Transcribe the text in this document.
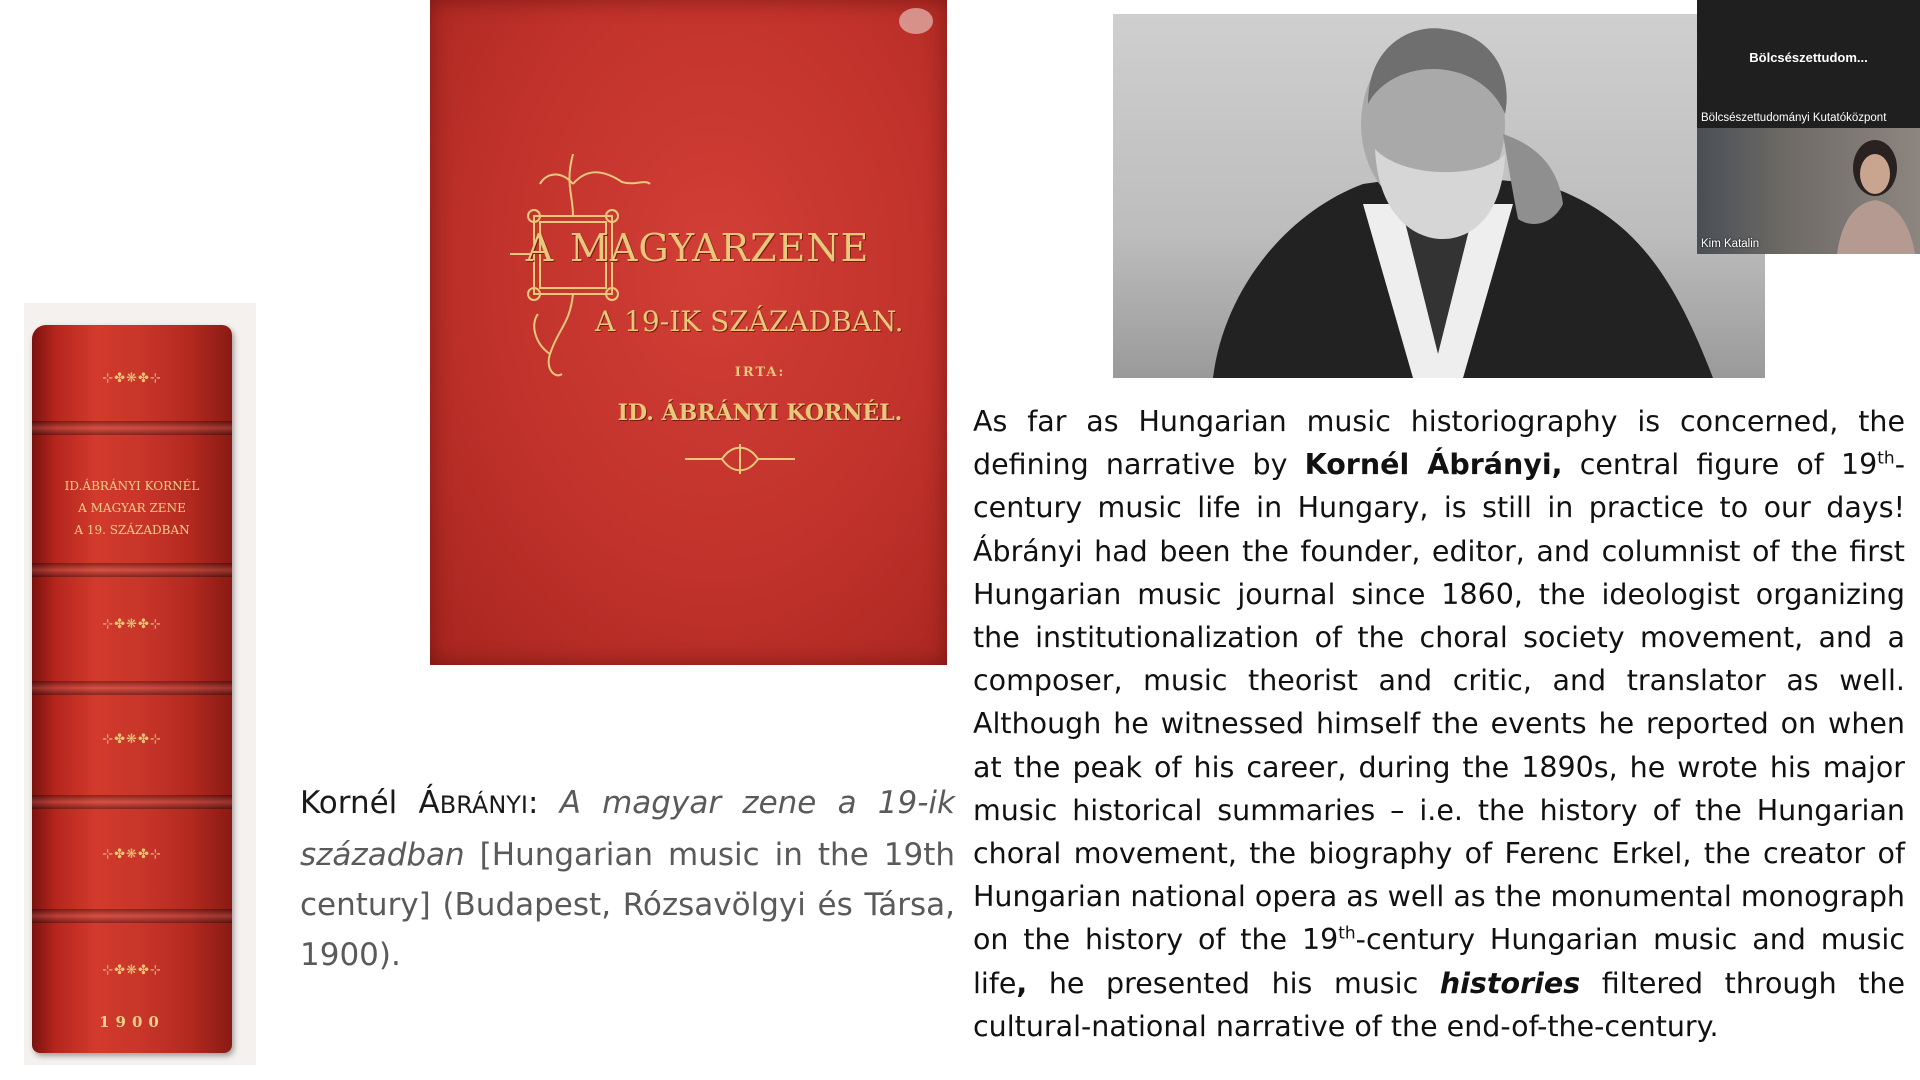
⊹✤❋✤⊹
ID.ÁBRÁNYI KORNÉL
A MAGYAR ZENE
A 19. SZÁZADBAN
⊹✤❋✤⊹
⊹✤❋✤⊹
⊹✤❋✤⊹
⊹✤❋✤⊹
1900
A MAGYARZENE
A 19-IK SZÁZADBAN.
IRTA:
ID. ÁBRÁNYI KORNÉL.
Kornél ÁBRÁNYI: A magyar zene a 19-ik században [Hungarian music in the 19th century] (Budapest, Rózsavölgyi és Társa, 1900).
As far as Hungarian music historiography is concerned, the defining narrative by Kornél Ábrányi, central figure of 19th-century music life in Hungary, is still in practice to our days! Ábrányi had been the founder, editor, and columnist of the first Hungarian music journal since 1860, the ideologist organizing the institutionalization of the choral society movement, and a composer, music theorist and critic, and translator as well. Although he witnessed himself the events he reported on when at the peak of his career, during the 1890s, he wrote his major music historical summaries – i.e. the history of the Hungarian choral movement, the biography of Ferenc Erkel, the creator of Hungarian national opera as well as the monumental monograph on the history of the 19th-century Hungarian music and music life, he presented his music histories filtered through the cultural-national narrative of the end-of-the-century.
Bölcsészettudom...
Bölcsészettudományi Kutatóközpont
Kim Katalin
